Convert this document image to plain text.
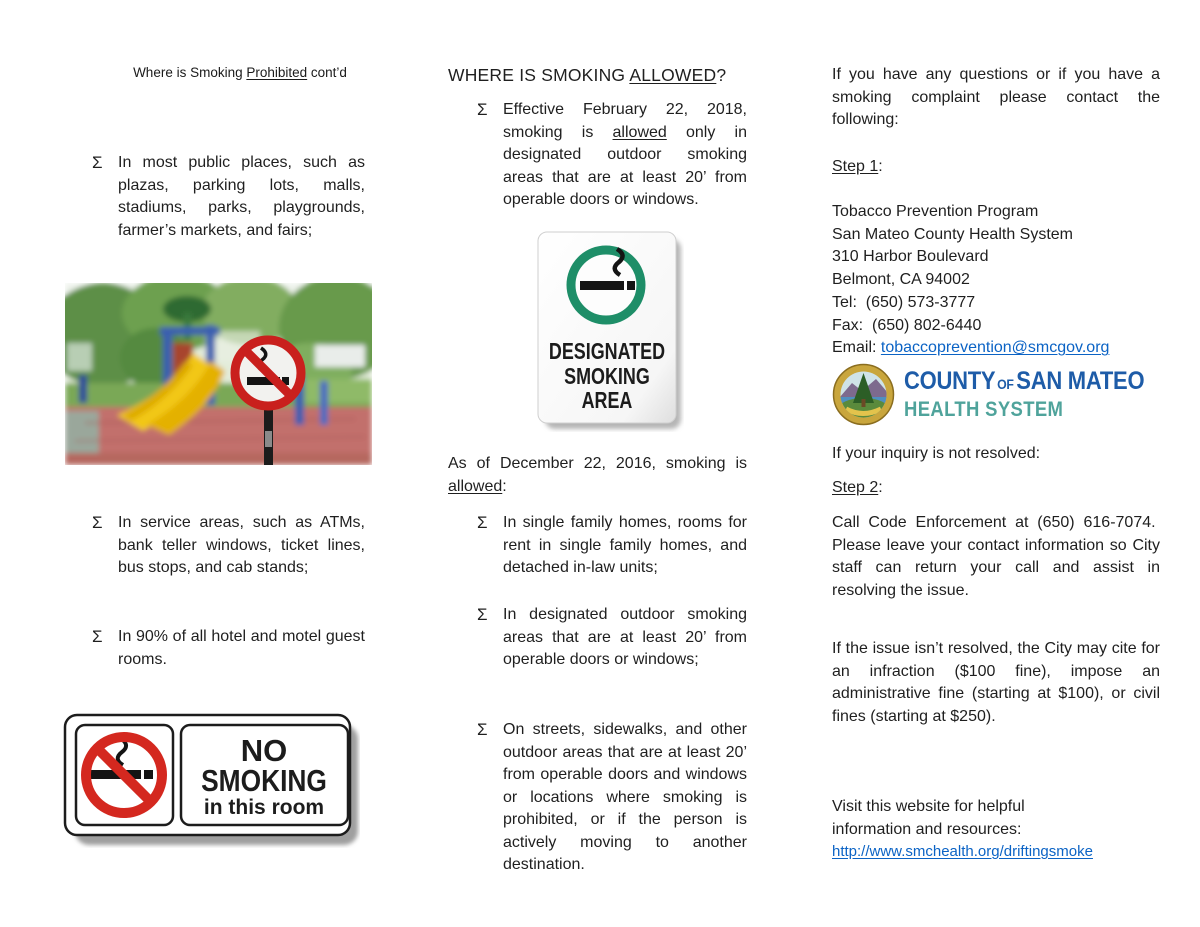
Where is Smoking Prohibited cont’d
Σ In most public places, such as plazas, parking lots, malls, stadiums, parks, playgrounds, farmer’s markets, and fairs;

Σ In service areas, such as ATMs, bank teller windows, ticket lines, bus stops, and cab stands;

Σ In 90% of all hotel and motel guest rooms.

NO
SMOKING
in this room
WHERE IS SMOKING ALLOWED?
Σ Effective February 22, 2018, smoking is allowed only in designated outdoor smoking areas that are at least 20’ from operable doors or windows.

DESIGNATED
SMOKING
AREA
As of December 22, 2016, smoking is allowed:
Σ In single family homes, rooms for rent in single family homes, and detached in-law units;

Σ In designated outdoor smoking areas that are at least 20’ from operable doors or windows;

Σ On streets, sidewalks, and other outdoor areas that are at least 20’ from operable doors and windows or locations where smoking is prohibited, or if the person is actively moving to another destination.

If you have any questions or if you have a smoking complaint please contact the following:

Step 1:
Tobacco Prevention Program
San Mateo County Health System
310 Harbor Boulevard
Belmont, CA 94002
Tel:  (650) 573-3777
Fax:  (650) 802-6440
Email: tobaccoprevention@smcgov.org
COUNTY OF SAN MATEO
HEALTH SYSTEM

If your inquiry is not resolved:

Step 2:

Call Code Enforcement at (650) 616-7074.  Please leave your contact information so City staff can return your call and assist in resolving the issue.

If the issue isn’t resolved, the City may cite for an infraction ($100 fine), impose an administrative fine (starting at $100), or civil fines (starting at $250).

Visit this website for helpful
information and resources:
http://www.smchealth.org/driftingsmoke
